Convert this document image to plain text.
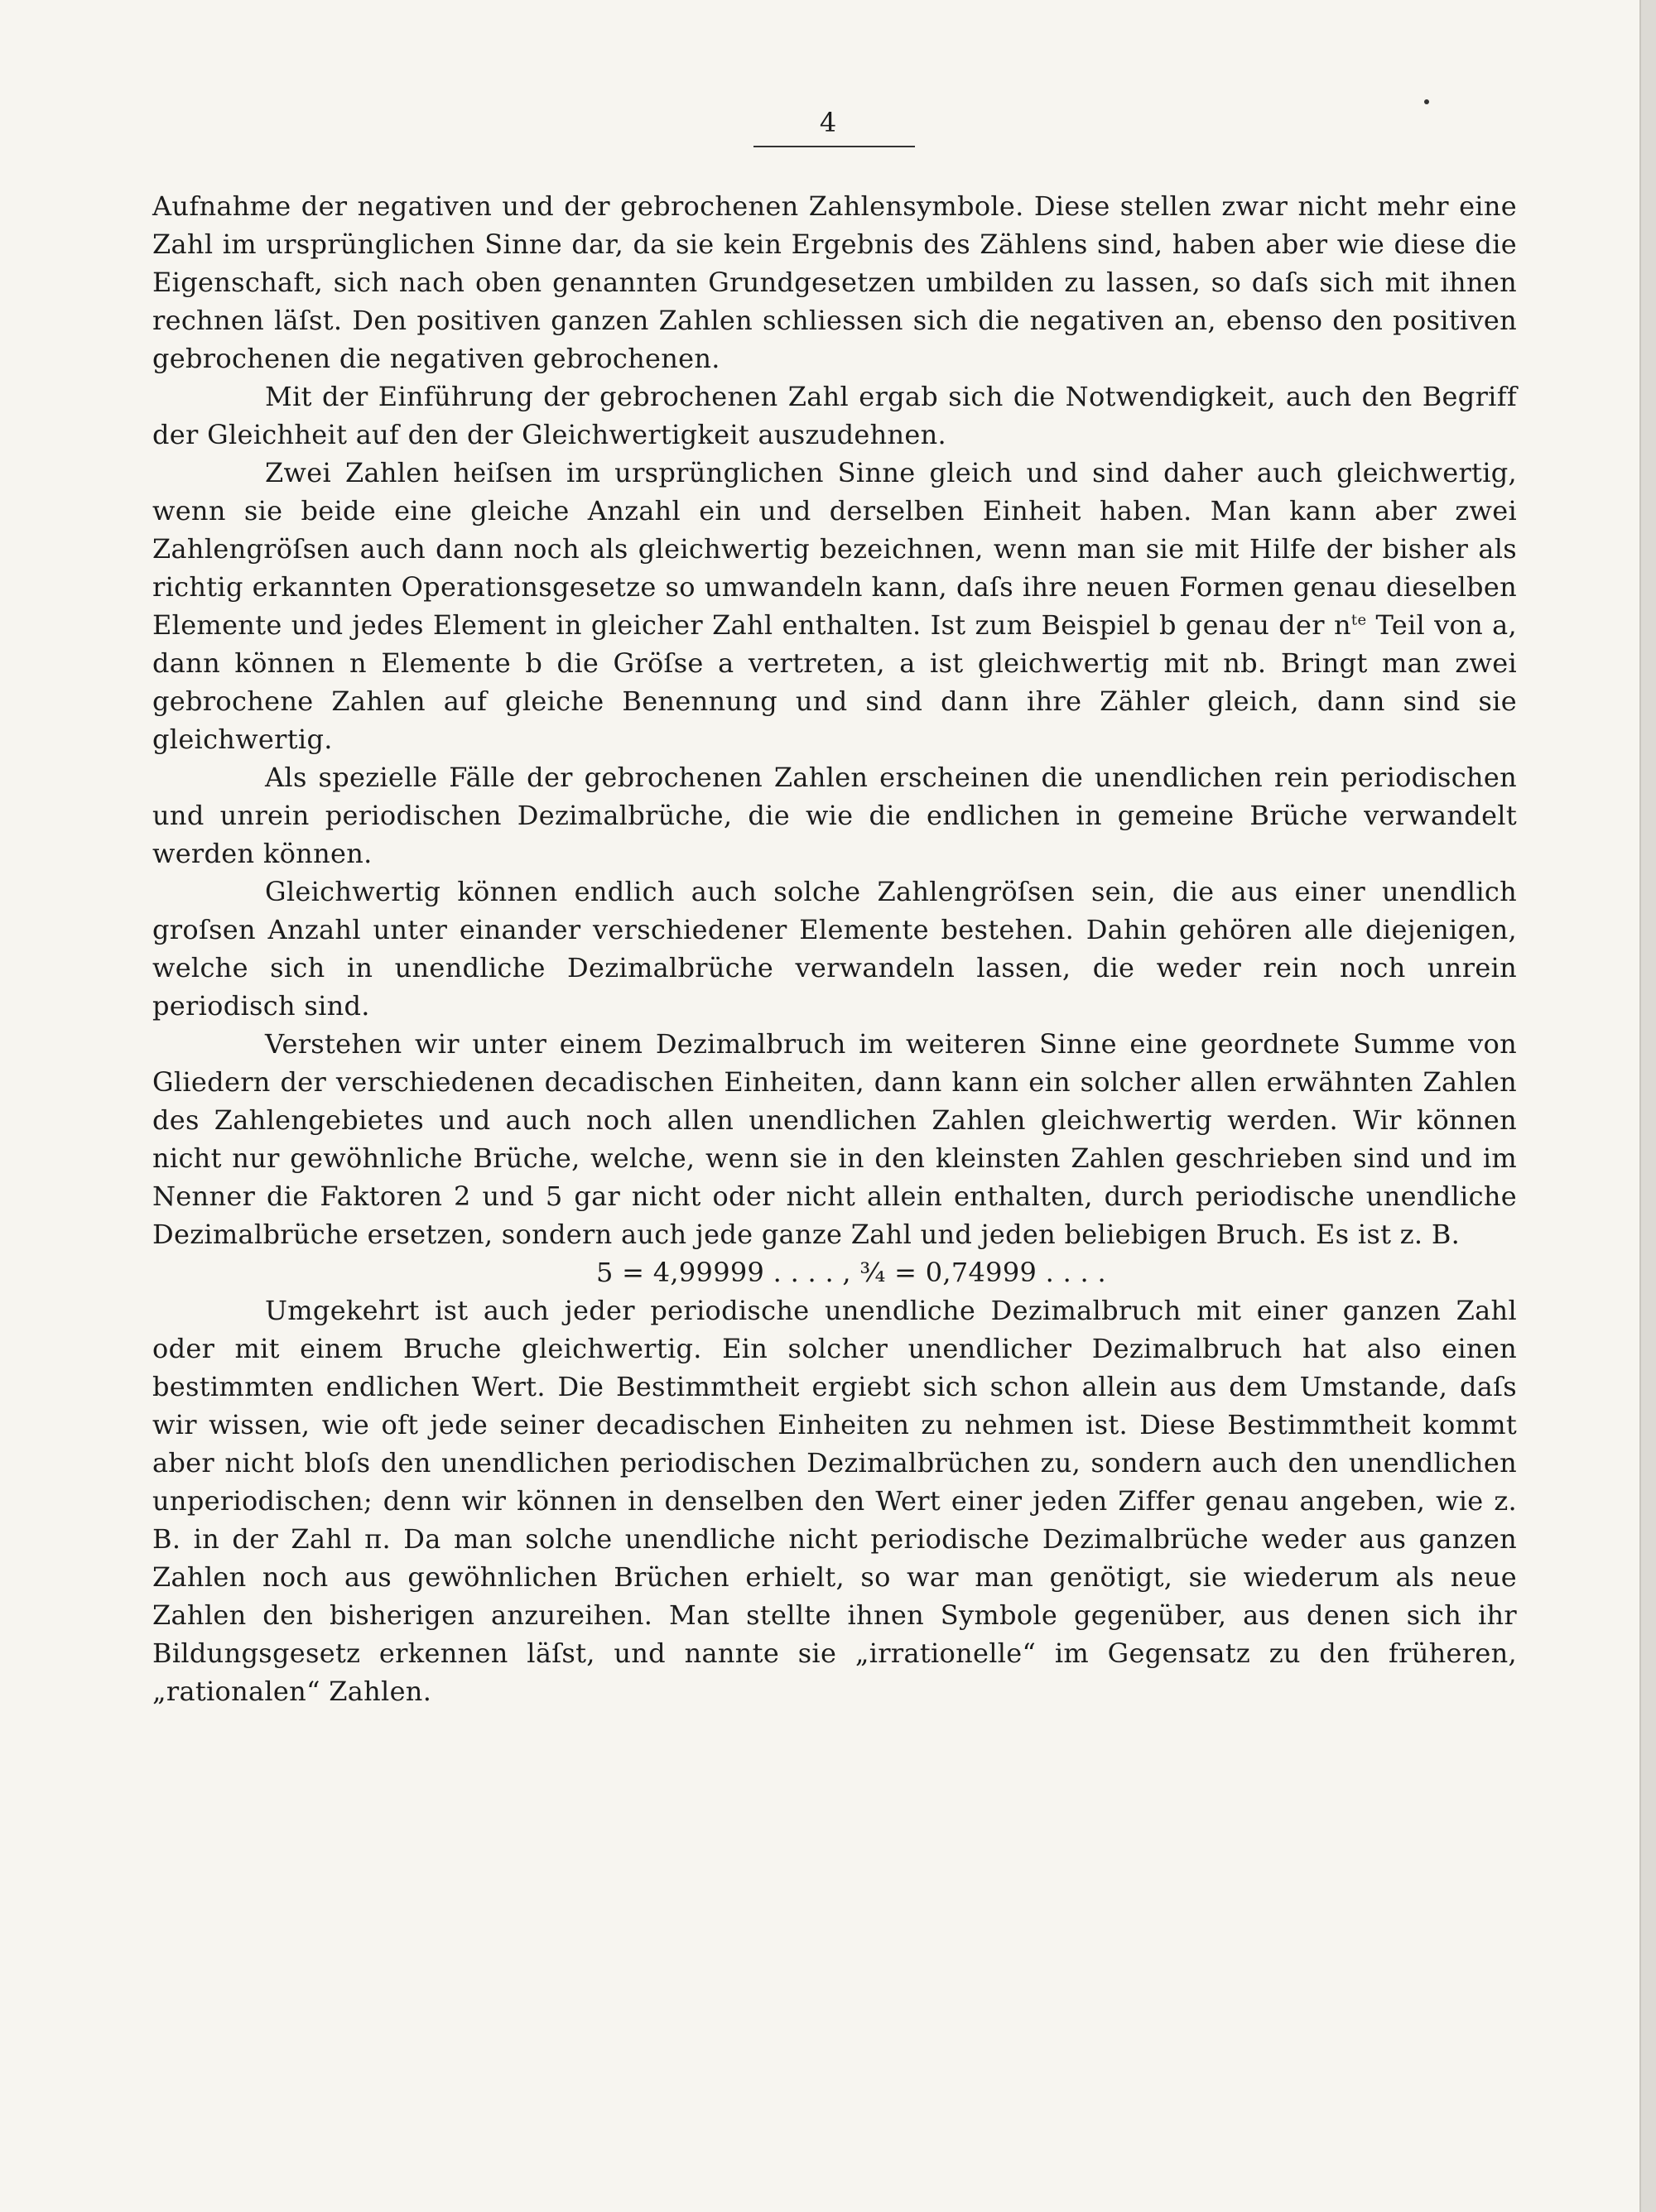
4

Aufnahme der negativen und der gebrochenen Zahlensymbole. Diese stellen zwar nicht mehr eine Zahl im ursprünglichen Sinne dar, da sie kein Ergebnis des Zählens sind, haben aber wie diese die Eigenschaft, sich nach oben genannten Grundgesetzen umbilden zu lassen, so daſs sich mit ihnen rechnen läſst. Den positiven ganzen Zahlen schliessen sich die negativen an, ebenso den positiven gebrochenen die negativen gebrochenen.

Mit der Einführung der gebrochenen Zahl ergab sich die Notwendigkeit, auch den Begriff der Gleichheit auf den der Gleichwertigkeit auszudehnen.

Zwei Zahlen heiſsen im ursprünglichen Sinne gleich und sind daher auch gleichwertig, wenn sie beide eine gleiche Anzahl ein und derselben Einheit haben. Man kann aber zwei Zahlengröſsen auch dann noch als gleichwertig bezeichnen, wenn man sie mit Hilfe der bisher als richtig erkannten Operationsgesetze so umwandeln kann, daſs ihre neuen Formen genau dieselben Elemente und jedes Element in gleicher Zahl enthalten. Ist zum Beispiel b genau der $n^{te}$ Teil von a, dann können n Elemente b die Gröſse a vertreten, a ist gleichwertig mit nb. Bringt man zwei gebrochene Zahlen auf gleiche Benennung und sind dann ihre Zähler gleich, dann sind sie gleichwertig.

Als spezielle Fälle der gebrochenen Zahlen erscheinen die unendlichen rein periodischen und unrein periodischen Dezimalbrüche, die wie die endlichen in gemeine Brüche verwandelt werden können.

Gleichwertig können endlich auch solche Zahlengröſsen sein, die aus einer unendlich groſsen Anzahl unter einander verschiedener Elemente bestehen. Dahin gehören alle diejenigen, welche sich in unendliche Dezimalbrüche verwandeln lassen, die weder rein noch unrein periodisch sind.

Verstehen wir unter einem Dezimalbruch im weiteren Sinne eine geordnete Summe von Gliedern der verschiedenen decadischen Einheiten, dann kann ein solcher allen erwähnten Zahlen des Zahlengebietes und auch noch allen unendlichen Zahlen gleichwertig werden. Wir können nicht nur gewöhnliche Brüche, welche, wenn sie in den kleinsten Zahlen geschrieben sind und im Nenner die Faktoren 2 und 5 gar nicht oder nicht allein enthalten, durch periodische unendliche Dezimalbrüche ersetzen, sondern auch jede ganze Zahl und jeden beliebigen Bruch. Es ist z. B.

5 = 4,99999 . . . . , ¾ = 0,74999 . . . .

Umgekehrt ist auch jeder periodische unendliche Dezimalbruch mit einer ganzen Zahl oder mit einem Bruche gleichwertig. Ein solcher unendlicher Dezimalbruch hat also einen bestimmten endlichen Wert. Die Bestimmtheit ergiebt sich schon allein aus dem Umstande, daſs wir wissen, wie oft jede seiner decadischen Einheiten zu nehmen ist. Diese Bestimmtheit kommt aber nicht bloſs den unendlichen periodischen Dezimalbrüchen zu, sondern auch den unendlichen unperiodischen; denn wir können in denselben den Wert einer jeden Ziffer genau angeben, wie z. B. in der Zahl π. Da man solche unendliche nicht periodische Dezimalbrüche weder aus ganzen Zahlen noch aus gewöhnlichen Brüchen erhielt, so war man genötigt, sie wiederum als neue Zahlen den bisherigen anzureihen. Man stellte ihnen Symbole gegenüber, aus denen sich ihr Bildungsgesetz erkennen läſst, und nannte sie „irrationelle“ im Gegensatz zu den früheren, „rationalen“ Zahlen.
